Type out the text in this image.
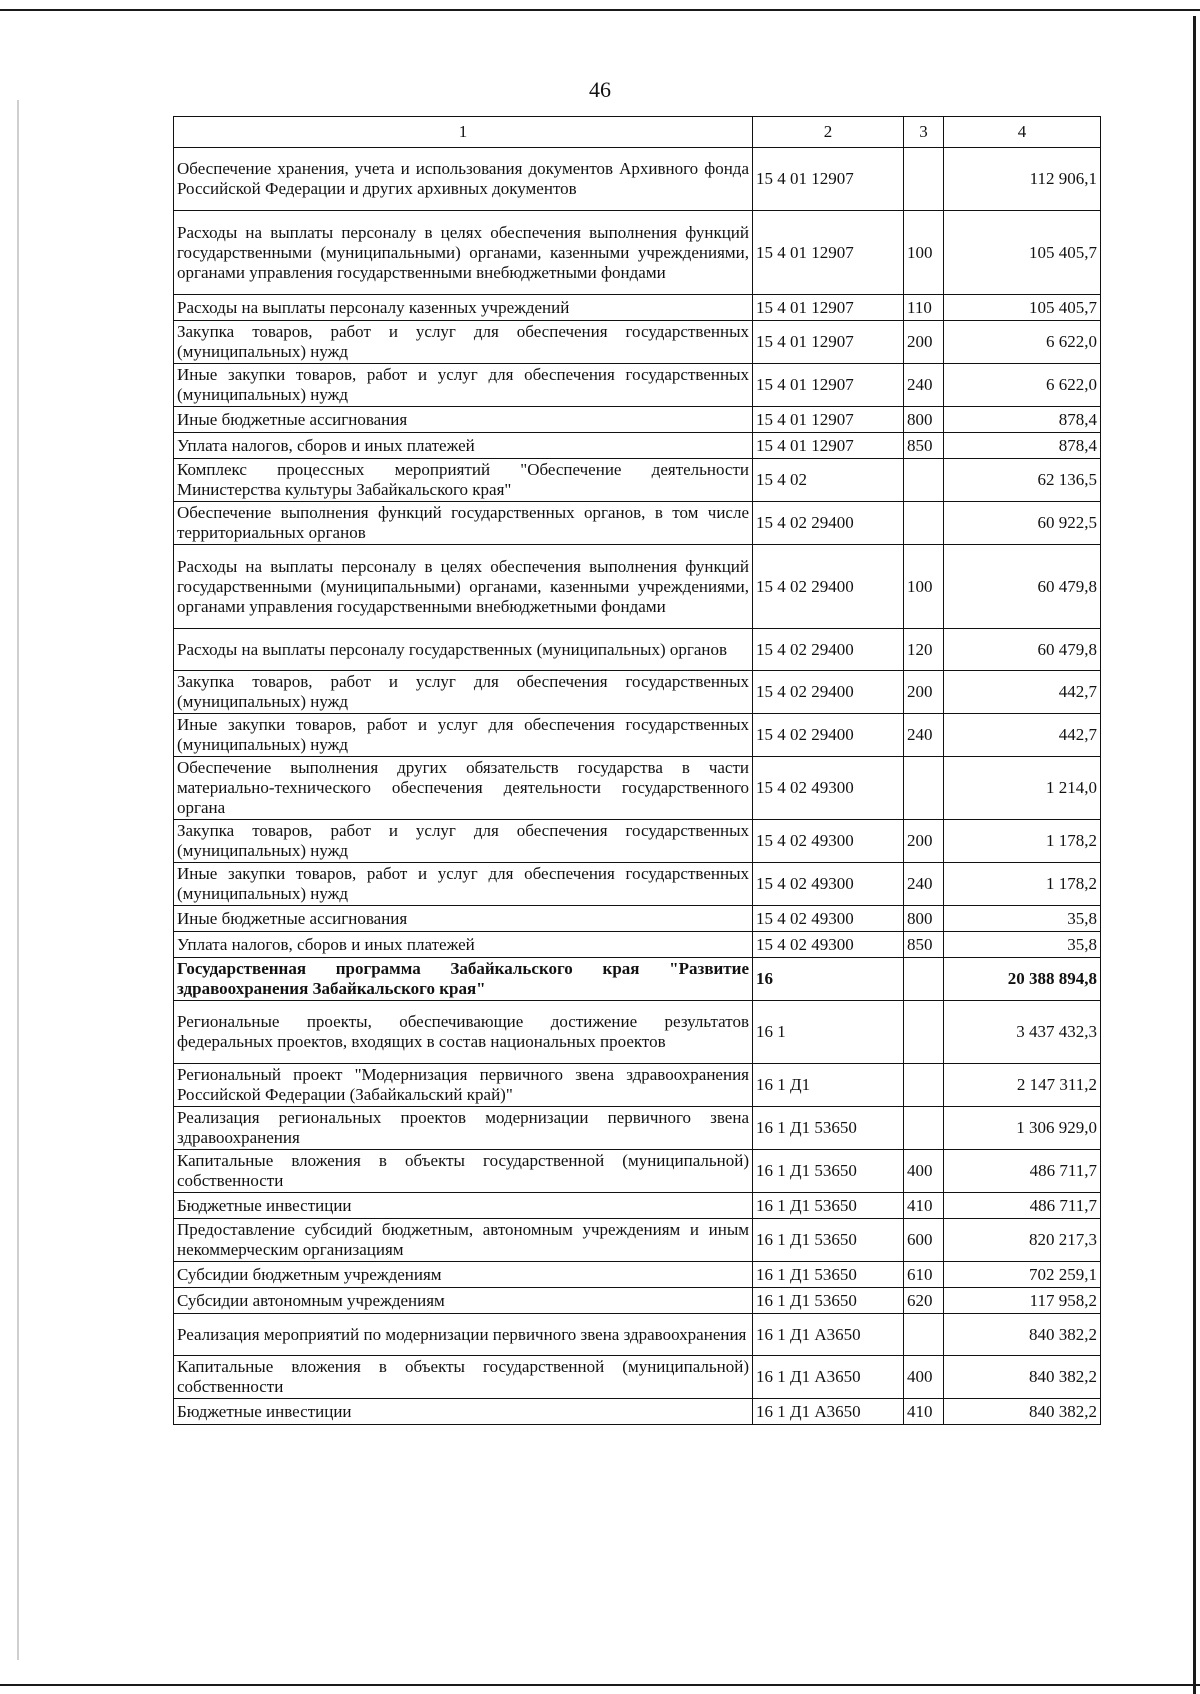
46
1	2	3	4
Обеспечение хранения, учета и использования документов Архивного фонда Российской Федерации и других архивных документов	15 4 01 12907		112 906,1
Расходы на выплаты персоналу в целях обеспечения выполнения функций государственными (муниципальными) органами, казенными учреждениями, органами управления государственными внебюджетными фондами	15 4 01 12907	100	105 405,7
Расходы на выплаты персоналу казенных учреждений	15 4 01 12907	110	105 405,7
Закупка товаров, работ и услуг для обеспечения государственных (муниципальных) нужд	15 4 01 12907	200	6 622,0
Иные закупки товаров, работ и услуг для обеспечения государственных (муниципальных) нужд	15 4 01 12907	240	6 622,0
Иные бюджетные ассигнования	15 4 01 12907	800	878,4
Уплата налогов, сборов и иных платежей	15 4 01 12907	850	878,4
Комплекс процессных мероприятий "Обеспечение деятельности Министерства культуры Забайкальского края"	15 4 02		62 136,5
Обеспечение выполнения функций государственных органов, в том числе территориальных органов	15 4 02 29400		60 922,5
Расходы на выплаты персоналу в целях обеспечения выполнения функций государственными (муниципальными) органами, казенными учреждениями, органами управления государственными внебюджетными фондами	15 4 02 29400	100	60 479,8
Расходы на выплаты персоналу государственных (муниципальных) органов	15 4 02 29400	120	60 479,8
Закупка товаров, работ и услуг для обеспечения государственных (муниципальных) нужд	15 4 02 29400	200	442,7
Иные закупки товаров, работ и услуг для обеспечения государственных (муниципальных) нужд	15 4 02 29400	240	442,7
Обеспечение выполнения других обязательств государства в части материально-технического обеспечения деятельности государственного органа	15 4 02 49300		1 214,0
Закупка товаров, работ и услуг для обеспечения государственных (муниципальных) нужд	15 4 02 49300	200	1 178,2
Иные закупки товаров, работ и услуг для обеспечения государственных (муниципальных) нужд	15 4 02 49300	240	1 178,2
Иные бюджетные ассигнования	15 4 02 49300	800	35,8
Уплата налогов, сборов и иных платежей	15 4 02 49300	850	35,8
Государственная программа Забайкальского края "Развитие здравоохранения Забайкальского края"	16		20 388 894,8
Региональные проекты, обеспечивающие достижение результатов федеральных проектов, входящих в состав национальных проектов	16 1		3 437 432,3
Региональный проект "Модернизация первичного звена здравоохранения Российской Федерации (Забайкальский край)"	16 1 Д1		2 147 311,2
Реализация региональных проектов модернизации первичного звена здравоохранения	16 1 Д1 53650		1 306 929,0
Капитальные вложения в объекты государственной (муниципальной) собственности	16 1 Д1 53650	400	486 711,7
Бюджетные инвестиции	16 1 Д1 53650	410	486 711,7
Предоставление субсидий бюджетным, автономным учреждениям и иным некоммерческим организациям	16 1 Д1 53650	600	820 217,3
Субсидии бюджетным учреждениям	16 1 Д1 53650	610	702 259,1
Субсидии автономным учреждениям	16 1 Д1 53650	620	117 958,2
Реализация мероприятий по модернизации первичного звена здравоохранения	16 1 Д1 А3650		840 382,2
Капитальные вложения в объекты государственной (муниципальной) собственности	16 1 Д1 А3650	400	840 382,2
Бюджетные инвестиции	16 1 Д1 А3650	410	840 382,2
